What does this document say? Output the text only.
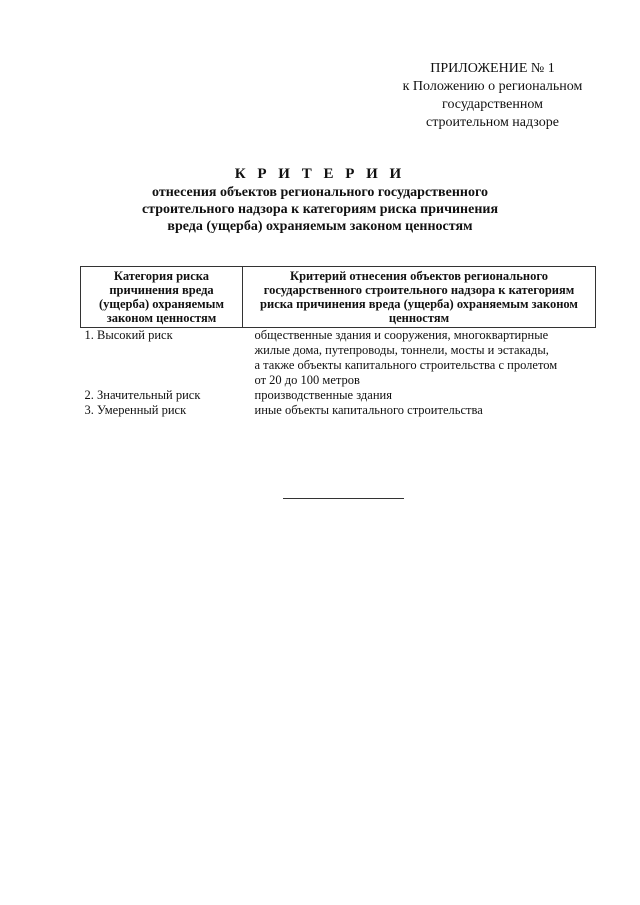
ПРИЛОЖЕНИЕ № 1
к Положению о региональном
государственном
строительном надзоре
К Р И Т Е Р И И
отнесения объектов регионального государственного
строительного надзора к категориям риска причинения
вреда (ущерба) охраняемым законом ценностям
Категория риска причинения вреда (ущерба) охраняемым законом ценностям	Критерий отнесения объектов регионального государственного строительного надзора к категориям риска причинения вреда (ущерба) охраняемым законом ценностям
1. Высокий риск	общественные здания и сооружения, многоквартирные
жилые дома, путепроводы, тоннели, мосты и эстакады,
а также объекты капитального строительства с пролетом
от 20 до 100 метров

2. Значительный риск	производственные здания

3. Умеренный риск	иные объекты капитального строительства
